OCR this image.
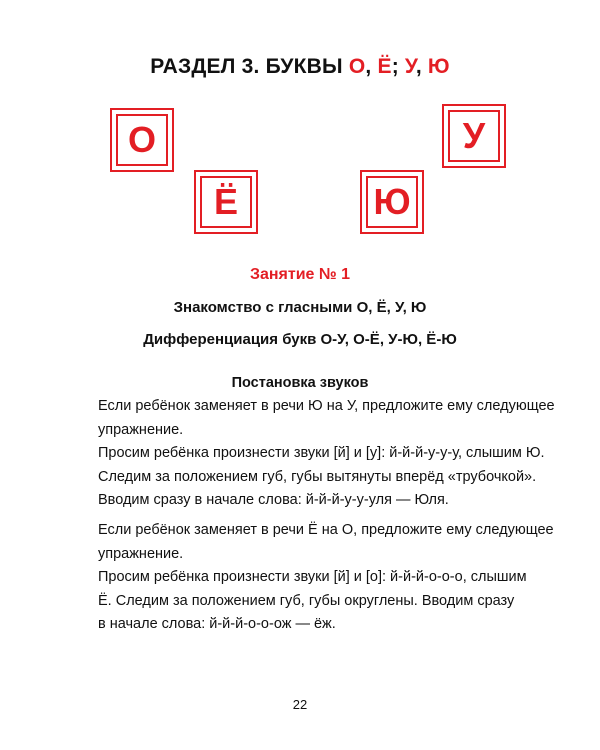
РАЗДЕЛ 3. БУКВЫ О, Ё; У, Ю
О
Ё	Ю
У
Занятие № 1
Знакомство с гласными О, Ё, У, Ю
Дифференциация букв О-У, О-Ё, У-Ю, Ё-Ю
Постановка звуков

Если ребёнок заменяет в речи Ю на У, предложите ему следующее
упражнение.
Просим ребёнка произнести звуки [й] и [у]: й-й-й-у-у-у, слышим Ю.
Следим за положением губ, губы вытянуты вперёд «трубочкой».
Вводим сразу в начале слова: й-й-й-у-у-уля — Юля.

Если ребёнок заменяет в речи Ё на О, предложите ему следующее
упражнение.
Просим ребёнка произнести звуки [й] и [о]: й-й-й-о-о-о, слышим
Ё. Следим за положением губ, губы округлены. Вводим сразу
в начале слова: й-й-й-о-о-ож — ёж.

22
